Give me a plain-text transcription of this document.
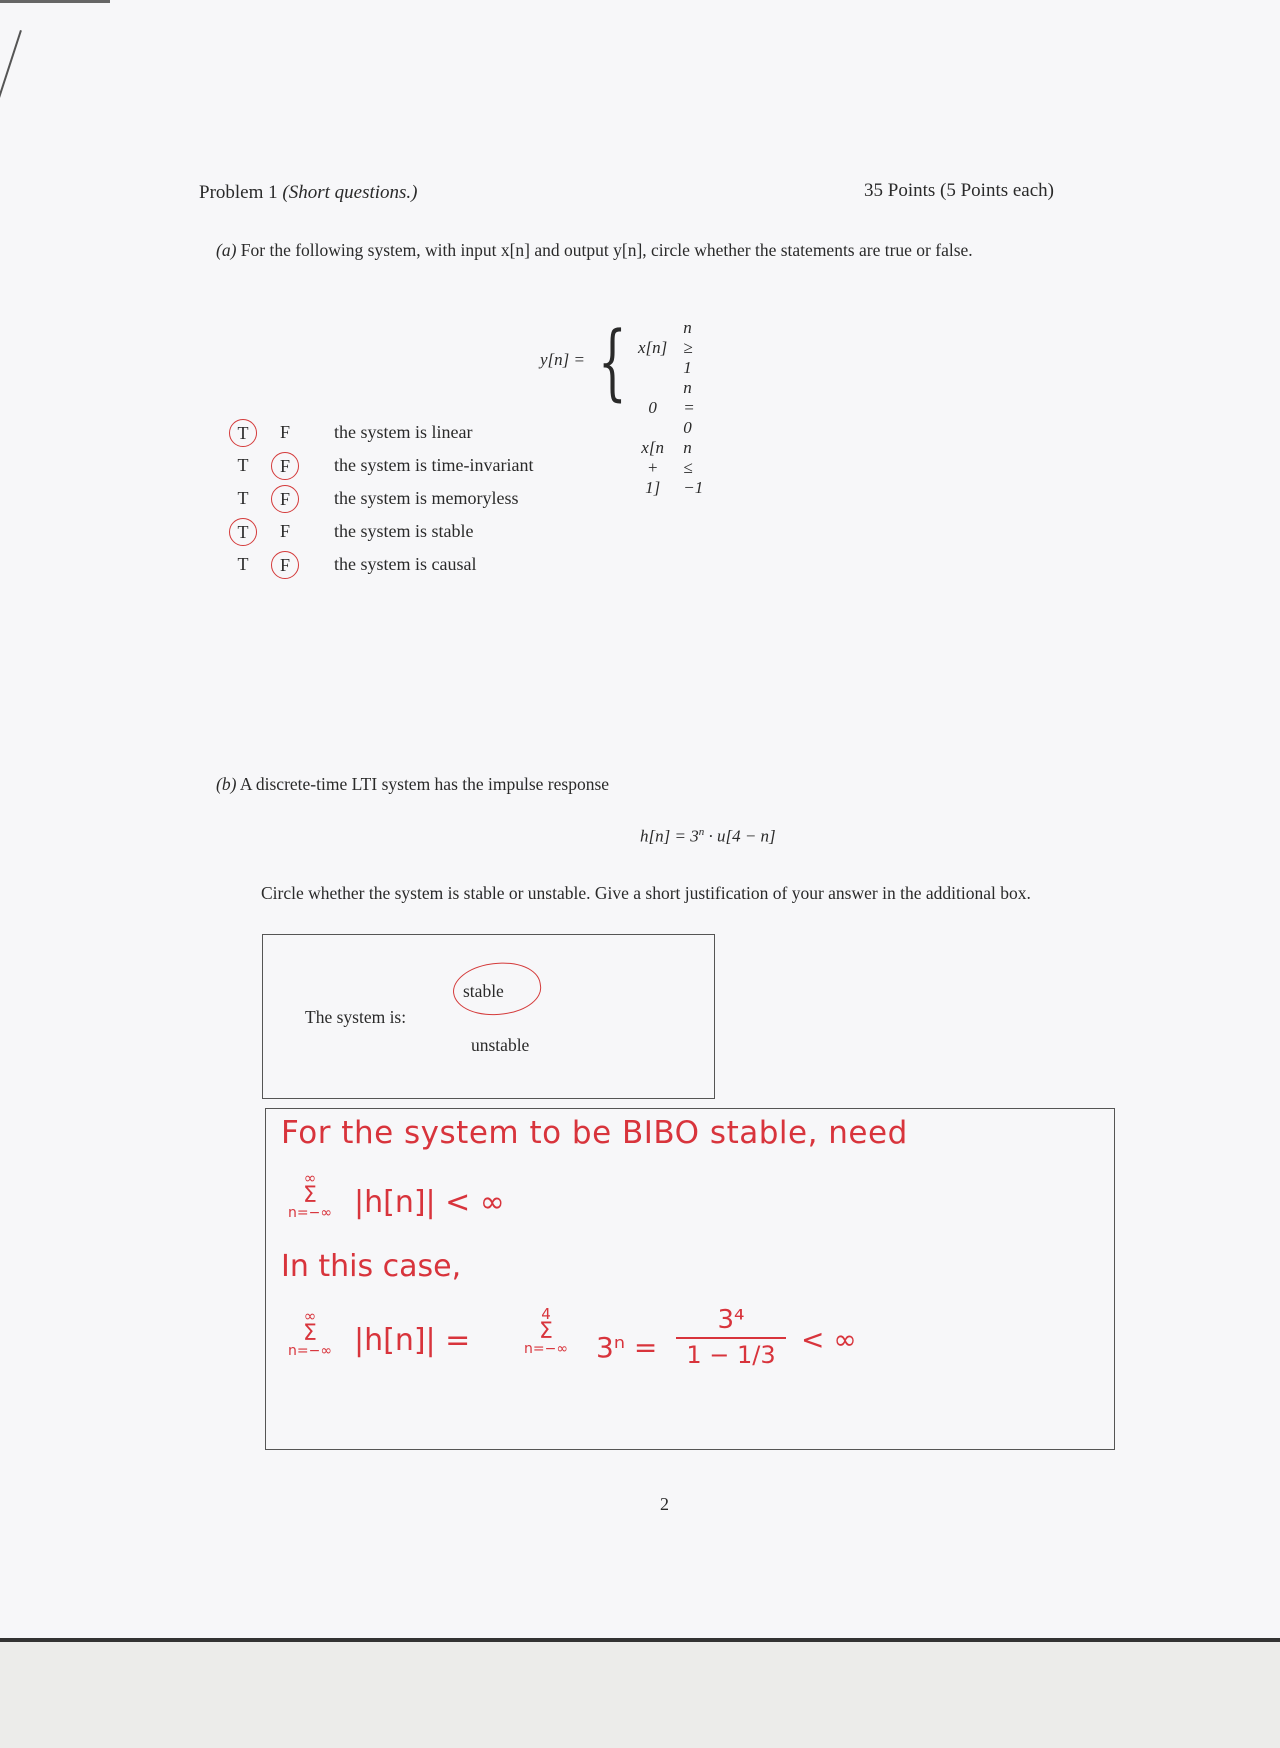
Problem 1 (Short questions.)	35 Points (5 Points each)
(a) For the following system, with input x[n] and output y[n], circle whether the statements are true or false.
y[n] = { x[n]	n ≥ 1
0	n = 0
x[n + 1]	n ≤ −1
T	F	the system is linear
T	F	the system is time-invariant
T	F	the system is memoryless
T	F	the system is stable
T	F	the system is causal
(b) A discrete-time LTI system has the impulse response
$h[n] = 3^n \cdot u[4 - n]$
Circle whether the system is stable or unstable. Give a short justification of your answer in the additional box.
The system is:
stable
unstable
For the system to be BIBO stable, need
∞
Σ
n=−∞ |h[n]| < ∞
In this case,
∞
Σ
n=−∞ |h[n]| =
4
Σ
n=−∞ 3ⁿ =
3⁴
1 − 1/3 < ∞
2
